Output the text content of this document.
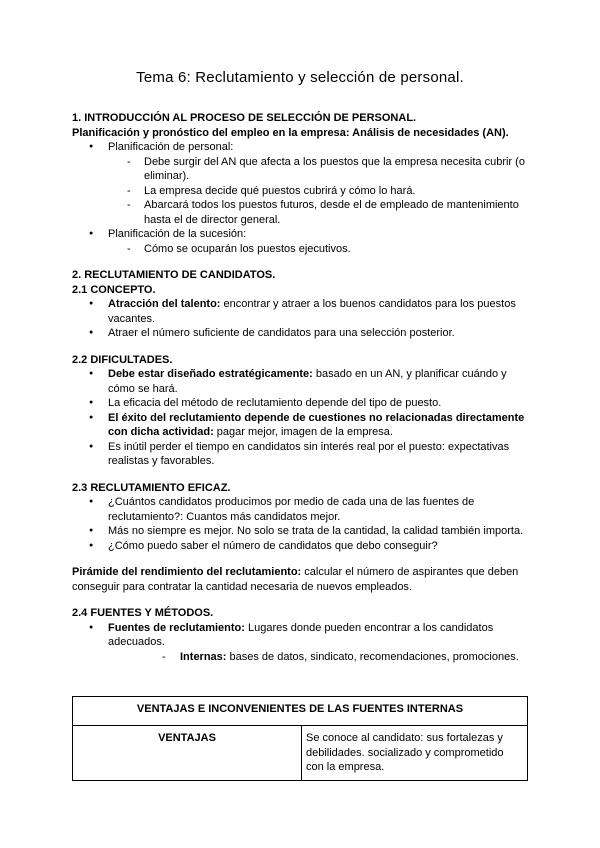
Tema 6: Reclutamiento y selección de personal.

1. INTRODUCCIÓN AL PROCESO DE SELECCIÓN DE PERSONAL.

Planificación y pronóstico del empleo en la empresa: Análisis de necesidades (AN).

● Planificación de personal:

- Debe surgir del AN que afecta a los puestos que la empresa necesita cubrir (o eliminar).

- La empresa decide qué puestos cubrirá y cómo lo hará.

- Abarcará todos los puestos futuros, desde el de empleado de mantenimiento hasta el de director general.

● Planificación de la sucesión:

- Cómo se ocuparán los puestos ejecutivos.

2. RECLUTAMIENTO DE CANDIDATOS.

2.1 CONCEPTO.

● Atracción del talento: encontrar y atraer a los buenos candidatos para los puestos vacantes.

● Atraer el número suficiente de candidatos para una selección posterior.

2.2 DIFICULTADES.

● Debe estar diseñado estratégicamente: basado en un AN, y planificar cuándo y cómo se hará.

● La eficacia del método de reclutamiento depende del tipo de puesto.

● El éxito del reclutamiento depende de cuestiones no relacionadas directamente con dicha actividad: pagar mejor, imagen de la empresa.

● Es inútil perder el tiempo en candidatos sin interés real por el puesto: expectativas realistas y favorables.

2.3 RECLUTAMIENTO EFICAZ.

● ¿Cuántos candidatos producimos por medio de cada una de las fuentes de reclutamiento?: Cuantos más candidatos mejor.

● Más no siempre es mejor. No solo se trata de la cantidad, la calidad también importa.

● ¿Cómo puedo saber el número de candidatos que debo conseguir?

Pirámide del rendimiento del reclutamiento: calcular el número de aspirantes que deben conseguir para contratar la cantidad necesaria de nuevos empleados.

2.4 FUENTES Y MÉTODOS.

● Fuentes de reclutamiento: Lugares donde pueden encontrar a los candidatos adecuados.

- Internas: bases de datos, sindicato, recomendaciones, promociones.

VENTAJAS E INCONVENIENTES DE LAS FUENTES INTERNAS
VENTAJAS	Se conoce al candidato: sus fortalezas y debilidades. socializado y comprometido con la empresa.
